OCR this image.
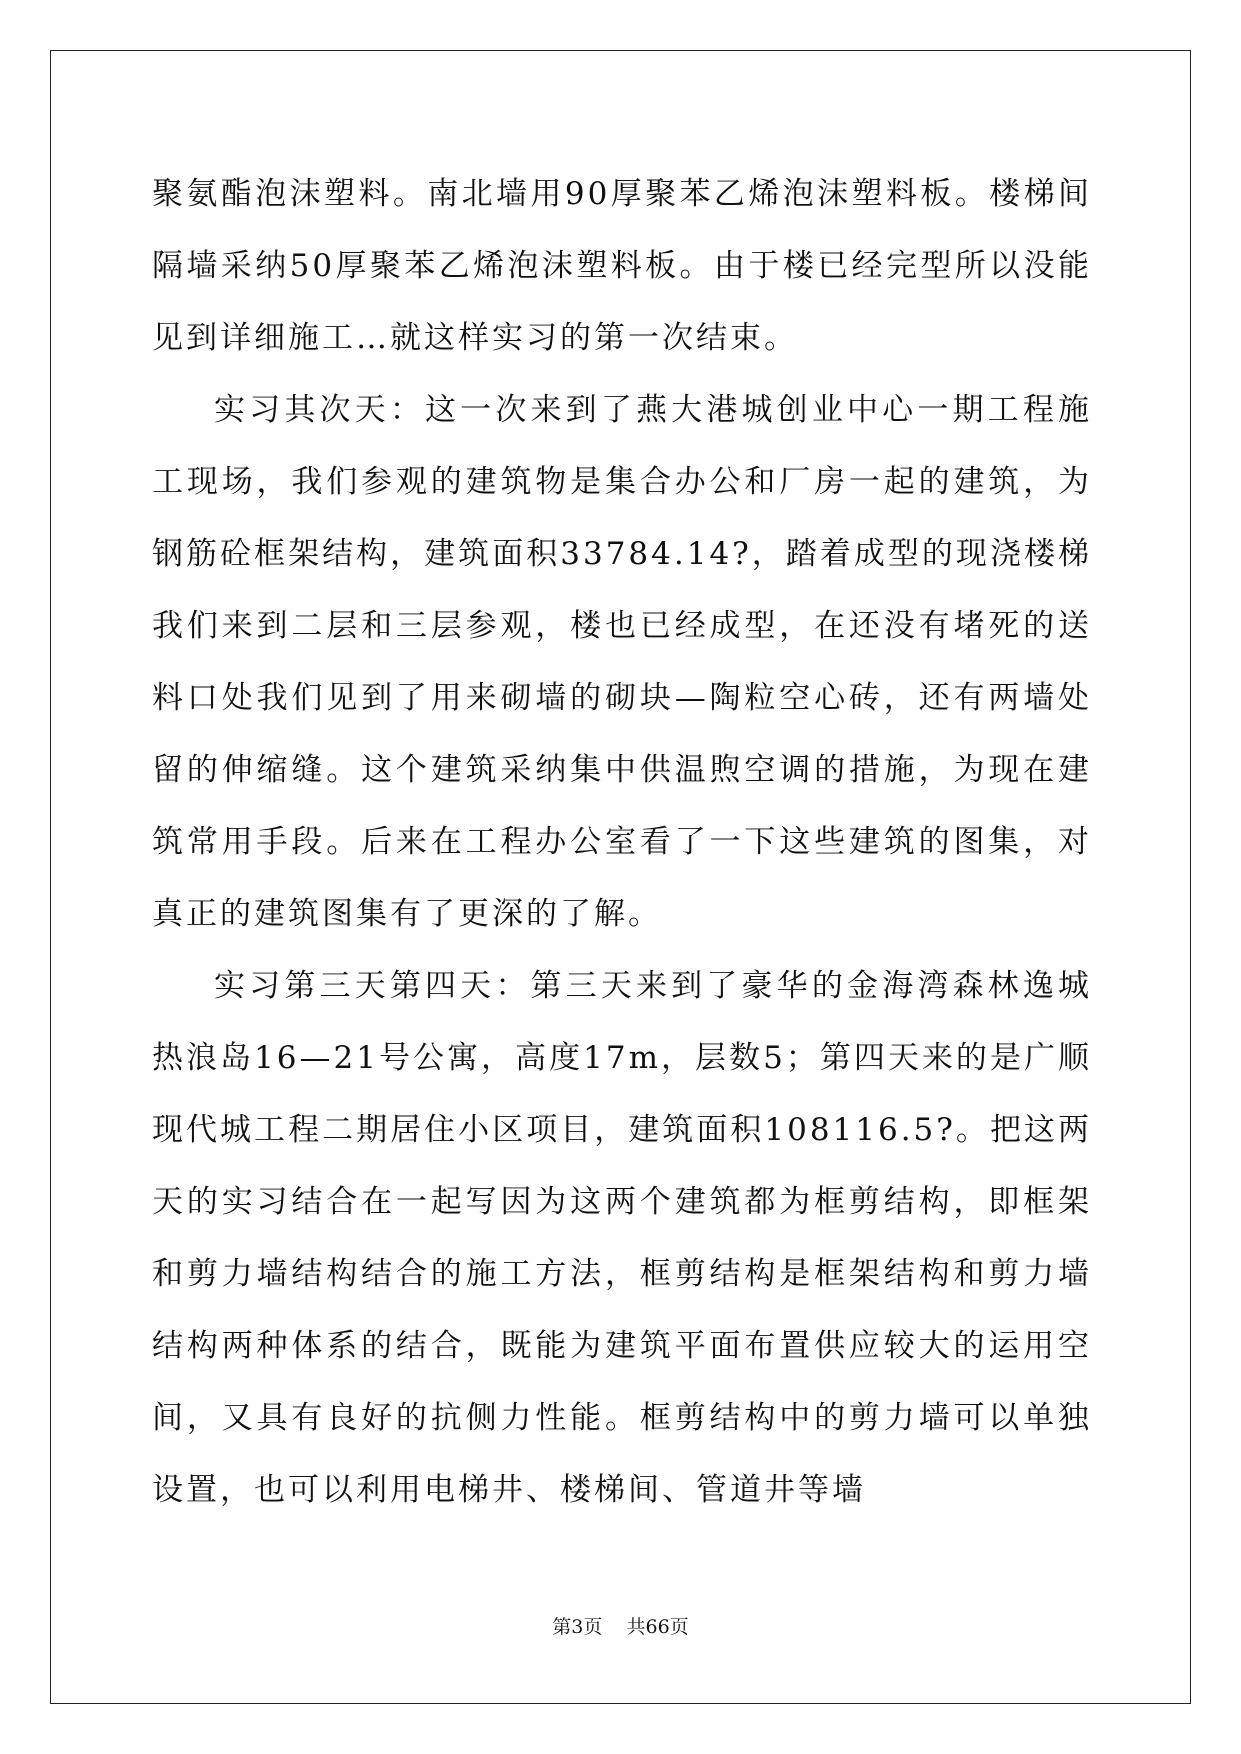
聚氨酯泡沫塑料。南北墙用90厚聚苯乙烯泡沫塑料板。楼梯间隔墙采纳50厚聚苯乙烯泡沫塑料板。由于楼已经完型所以没能见到详细施工…就这样实习的第一次结束。

实习其次天：这一次来到了燕大港城创业中心一期工程施工现场，我们参观的建筑物是集合办公和厂房一起的建筑，为钢筋砼框架结构，建筑面积33784.14?，踏着成型的现浇楼梯我们来到二层和三层参观，楼也已经成型，在还没有堵死的送料口处我们见到了用来砌墙的砌块—陶粒空心砖，还有两墙处留的伸缩缝。这个建筑采纳集中供温煦空调的措施，为现在建筑常用手段。后来在工程办公室看了一下这些建筑的图集，对真正的建筑图集有了更深的了解。

实习第三天第四天：第三天来到了豪华的金海湾森林逸城热浪岛16—21号公寓，高度17m，层数5；第四天来的是广顺现代城工程二期居住小区项目，建筑面积108116.5?。把这两天的实习结合在一起写因为这两个建筑都为框剪结构，即框架和剪力墙结构结合的施工方法，框剪结构是框架结构和剪力墙结构两种体系的结合，既能为建筑平面布置供应较大的运用空间，又具有良好的抗侧力性能。框剪结构中的剪力墙可以单独设置，也可以利用电梯井、楼梯间、管道井等墙

第3页 共66页
